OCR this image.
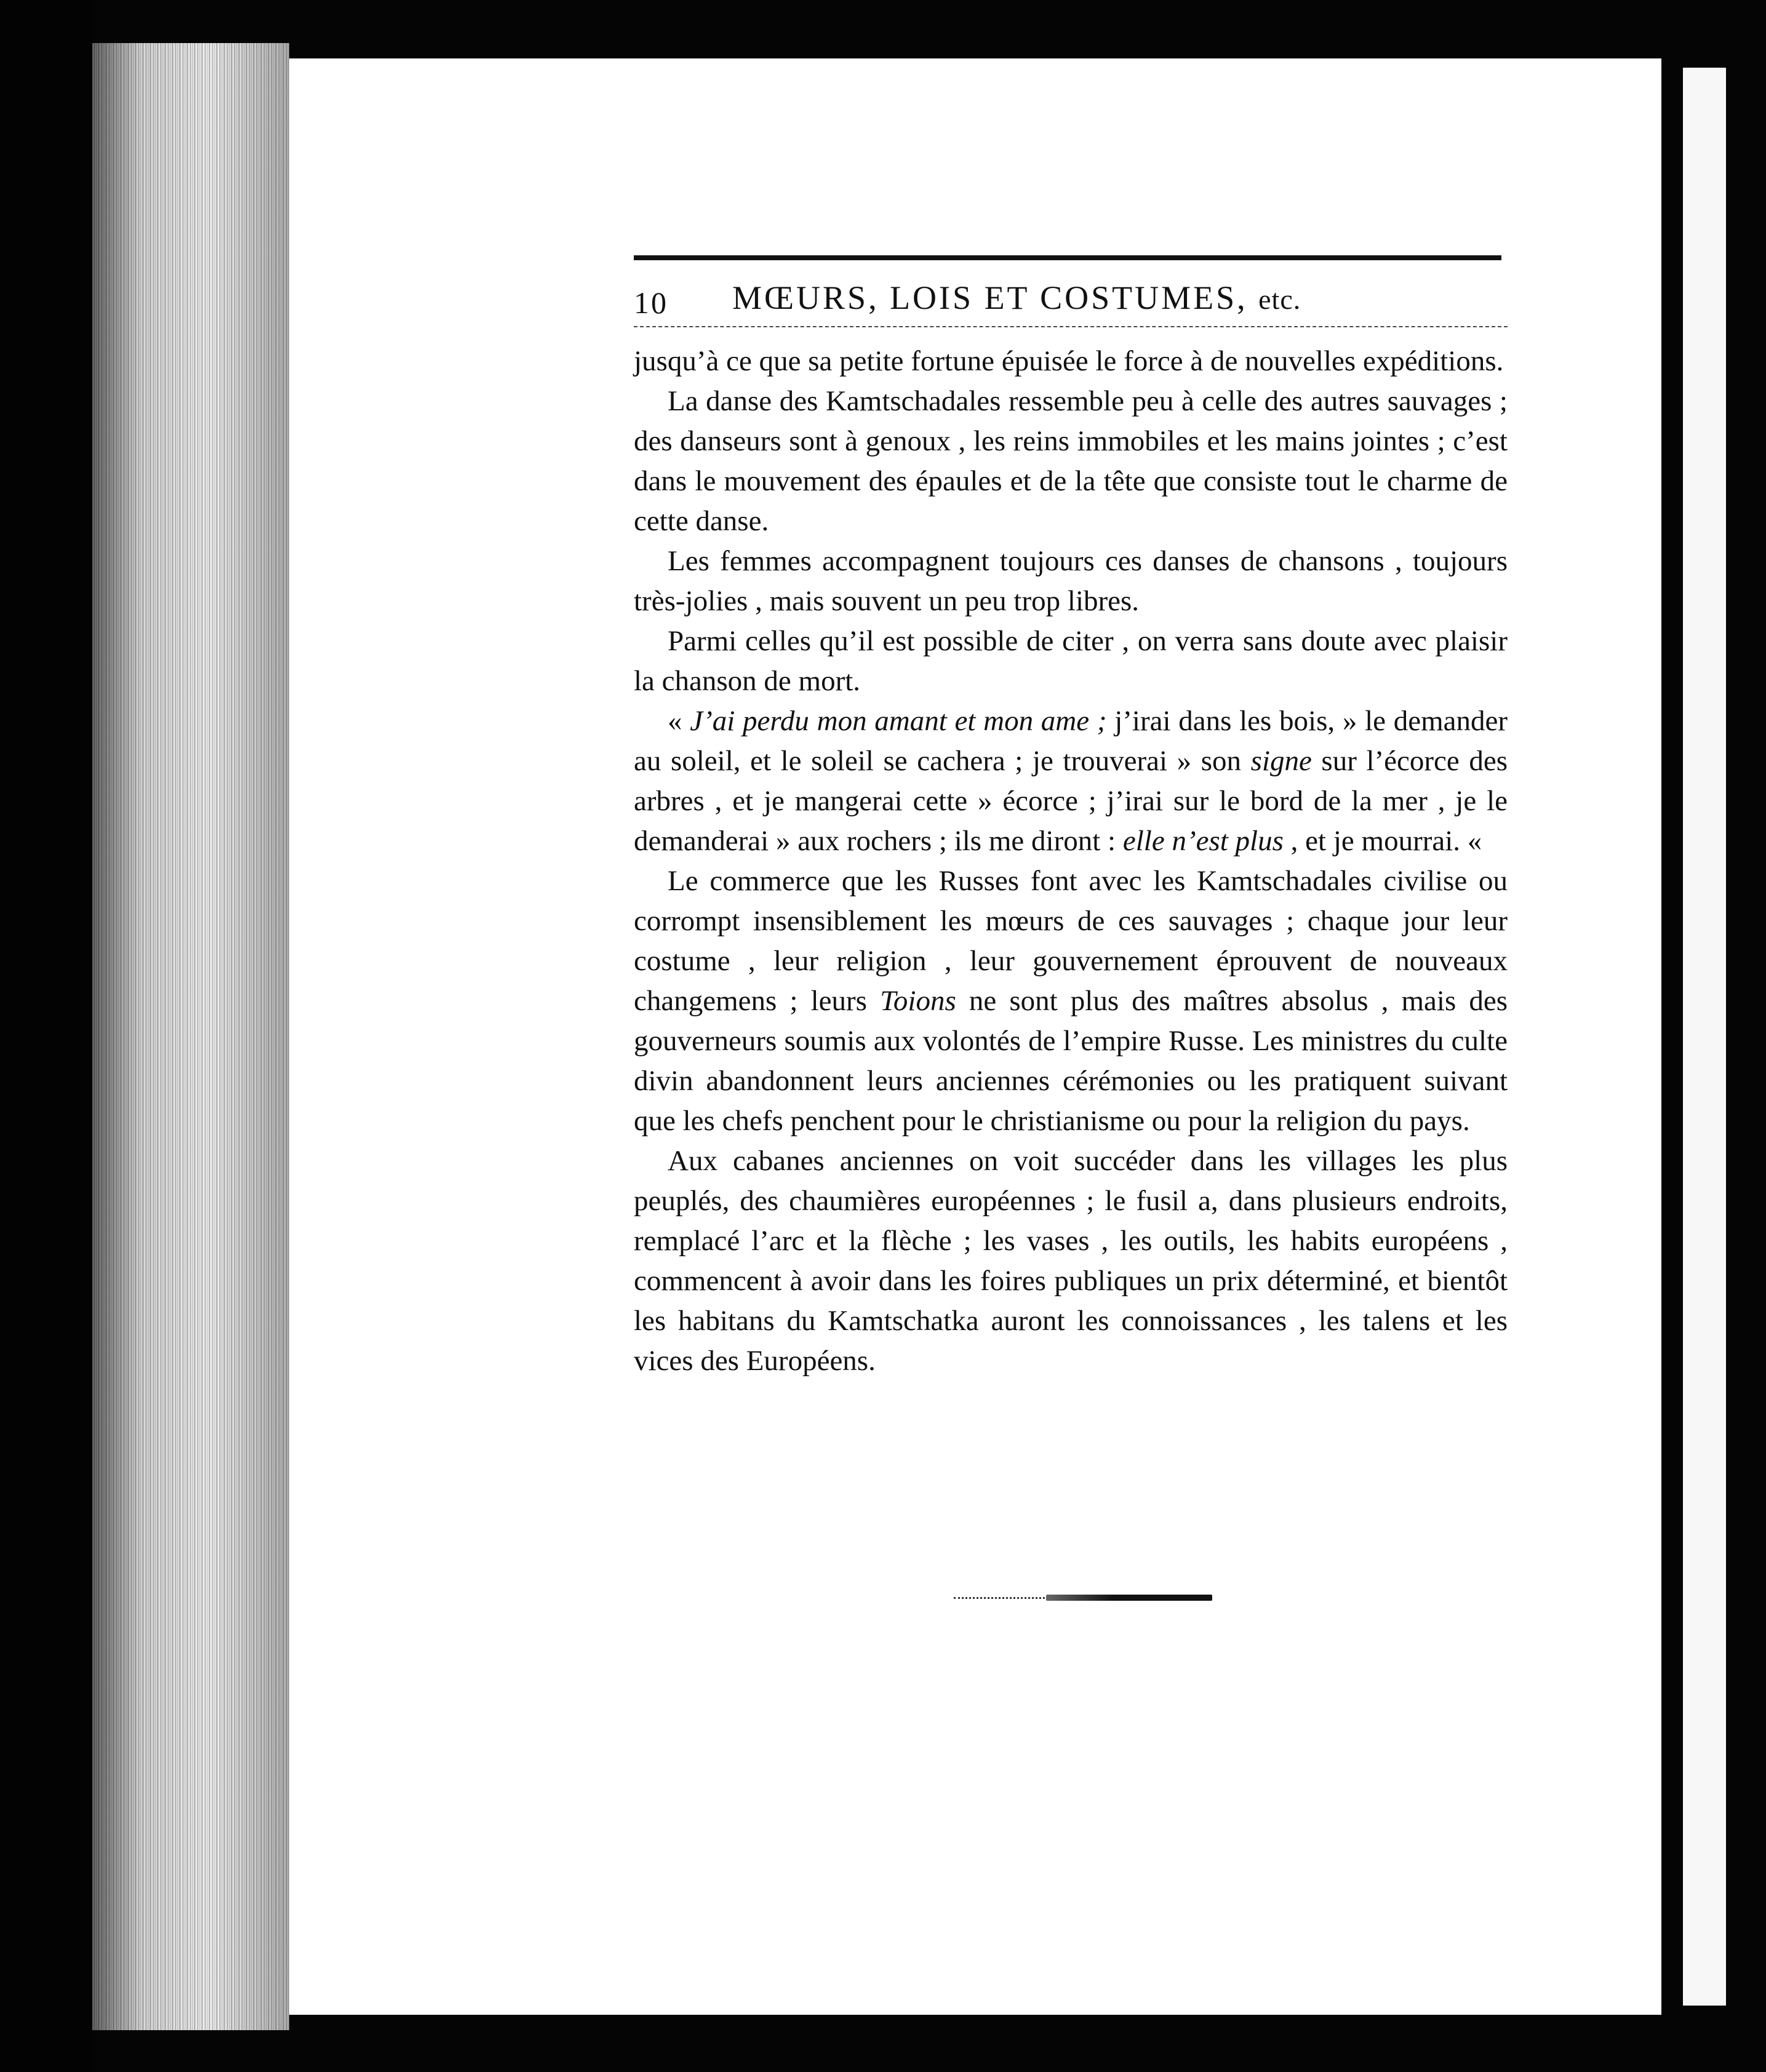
10 MŒURS, LOIS ET COSTUMES, etc.

jusqu’à ce que sa petite fortune épuisée le force à de nouvelles expéditions.

La danse des Kamtschadales ressemble peu à celle des autres sauvages ; des danseurs sont à genoux , les reins immobiles et les mains jointes ; c’est dans le mouvement des épaules et de la tête que consiste tout le charme de cette danse.

Les femmes accompagnent toujours ces danses de chansons , toujours très-jolies , mais souvent un peu trop libres.

Parmi celles qu’il est possible de citer , on verra sans doute avec plaisir la chanson de mort.

« J’ai perdu mon amant et mon ame ; j’irai dans les bois, » le demander au soleil, et le soleil se cachera ; je trouverai » son signe sur l’écorce des arbres , et je mangerai cette » écorce ; j’irai sur le bord de la mer , je le demanderai » aux rochers ; ils me diront : elle n’est plus , et je mourrai. «

Le commerce que les Russes font avec les Kamtschadales civilise ou corrompt insensiblement les mœurs de ces sauvages ; chaque jour leur costume , leur religion , leur gouvernement éprouvent de nouveaux changemens ; leurs Toions ne sont plus des maîtres absolus , mais des gouverneurs soumis aux volontés de l’empire Russe. Les ministres du culte divin abandonnent leurs anciennes cérémonies ou les pratiquent suivant que les chefs penchent pour le christianisme ou pour la religion du pays.

Aux cabanes anciennes on voit succéder dans les villages les plus peuplés, des chaumières européennes ; le fusil a, dans plusieurs endroits, remplacé l’arc et la flèche ; les vases , les outils, les habits européens , commencent à avoir dans les foires publiques un prix déterminé, et bientôt les habitans du Kamtschatka auront les connoissances , les talens et les vices des Européens.
